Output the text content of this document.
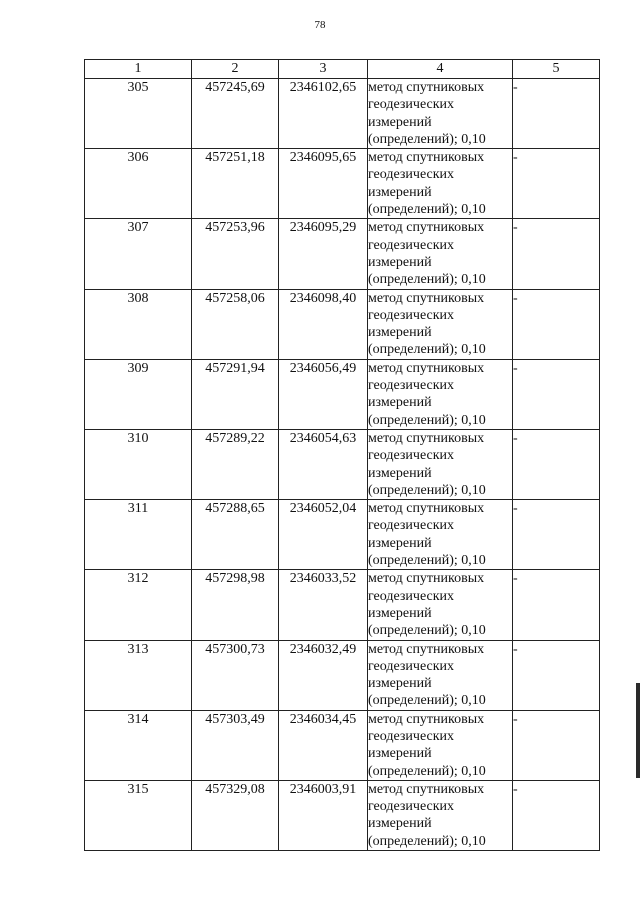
78
1	2	3	4	5
305	457245,69	2346102,65	метод спутниковых геодезических измерений (определений); 0,10	-
306	457251,18	2346095,65	метод спутниковых геодезических измерений (определений); 0,10	-
307	457253,96	2346095,29	метод спутниковых геодезических измерений (определений); 0,10	-
308	457258,06	2346098,40	метод спутниковых геодезических измерений (определений); 0,10	-
309	457291,94	2346056,49	метод спутниковых геодезических измерений (определений); 0,10	-
310	457289,22	2346054,63	метод спутниковых геодезических измерений (определений); 0,10	-
311	457288,65	2346052,04	метод спутниковых геодезических измерений (определений); 0,10	-
312	457298,98	2346033,52	метод спутниковых геодезических измерений (определений); 0,10	-
313	457300,73	2346032,49	метод спутниковых геодезических измерений (определений); 0,10	-
314	457303,49	2346034,45	метод спутниковых геодезических измерений (определений); 0,10	-
315	457329,08	2346003,91	метод спутниковых геодезических измерений (определений); 0,10	-
